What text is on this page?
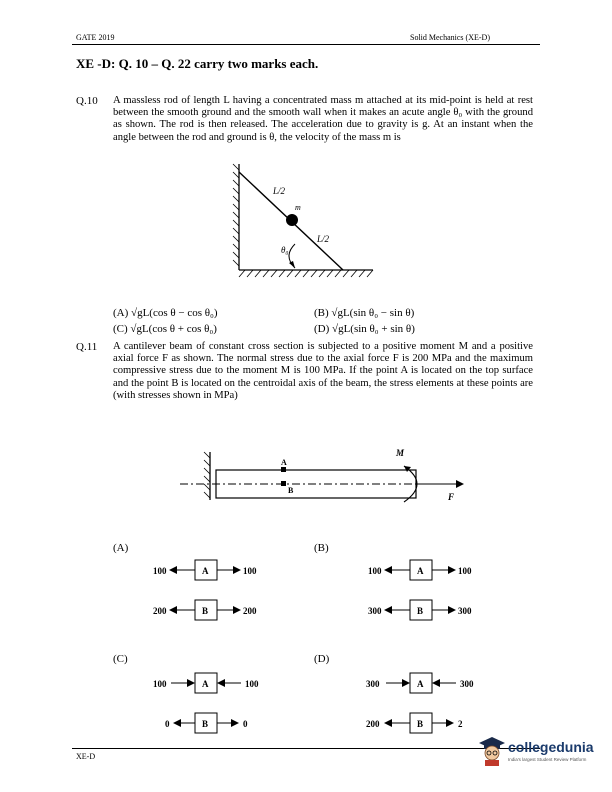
GATE 2019	Solid Mechanics (XE-D)
XE -D: Q. 10 – Q. 22 carry two marks each.
Q.10 A massless rod of length L having a concentrated mass m attached at its mid-point is held at rest between the smooth ground and the smooth wall when it makes an acute angle θ₀ with the ground as shown. The rod is then released. The acceleration due to gravity is g. At an instant when the angle between the rod and ground is θ, the velocity of the mass m is
L/2
m
L/2
θ₀
(A) √gL(cos θ − cos θ₀)	(B) √gL(sin θ₀ − sin θ)
(C) √gL(cos θ + cos θ₀)	(D) √gL(sin θ₀ + sin θ)
Q.11 A cantilever beam of constant cross section is subjected to a positive moment M and a positive axial force F as shown. The normal stress due to the axial force F is 200 MPa and the maximum compressive stress due to the moment M is 100 MPa. If the point A is located on the top surface and the point B is located on the centroidal axis of the beam, the stress elements at these points are (with stresses shown in MPa)
A
B
M
F
(A)	(B)
(C)	(D)
100	A	100
200	B	200
100	A	100
300	B	300
100	A	100
0	B	0
300	A	300
200	B	2
XE-D
collegedunia
India's largest Student Review Platform
